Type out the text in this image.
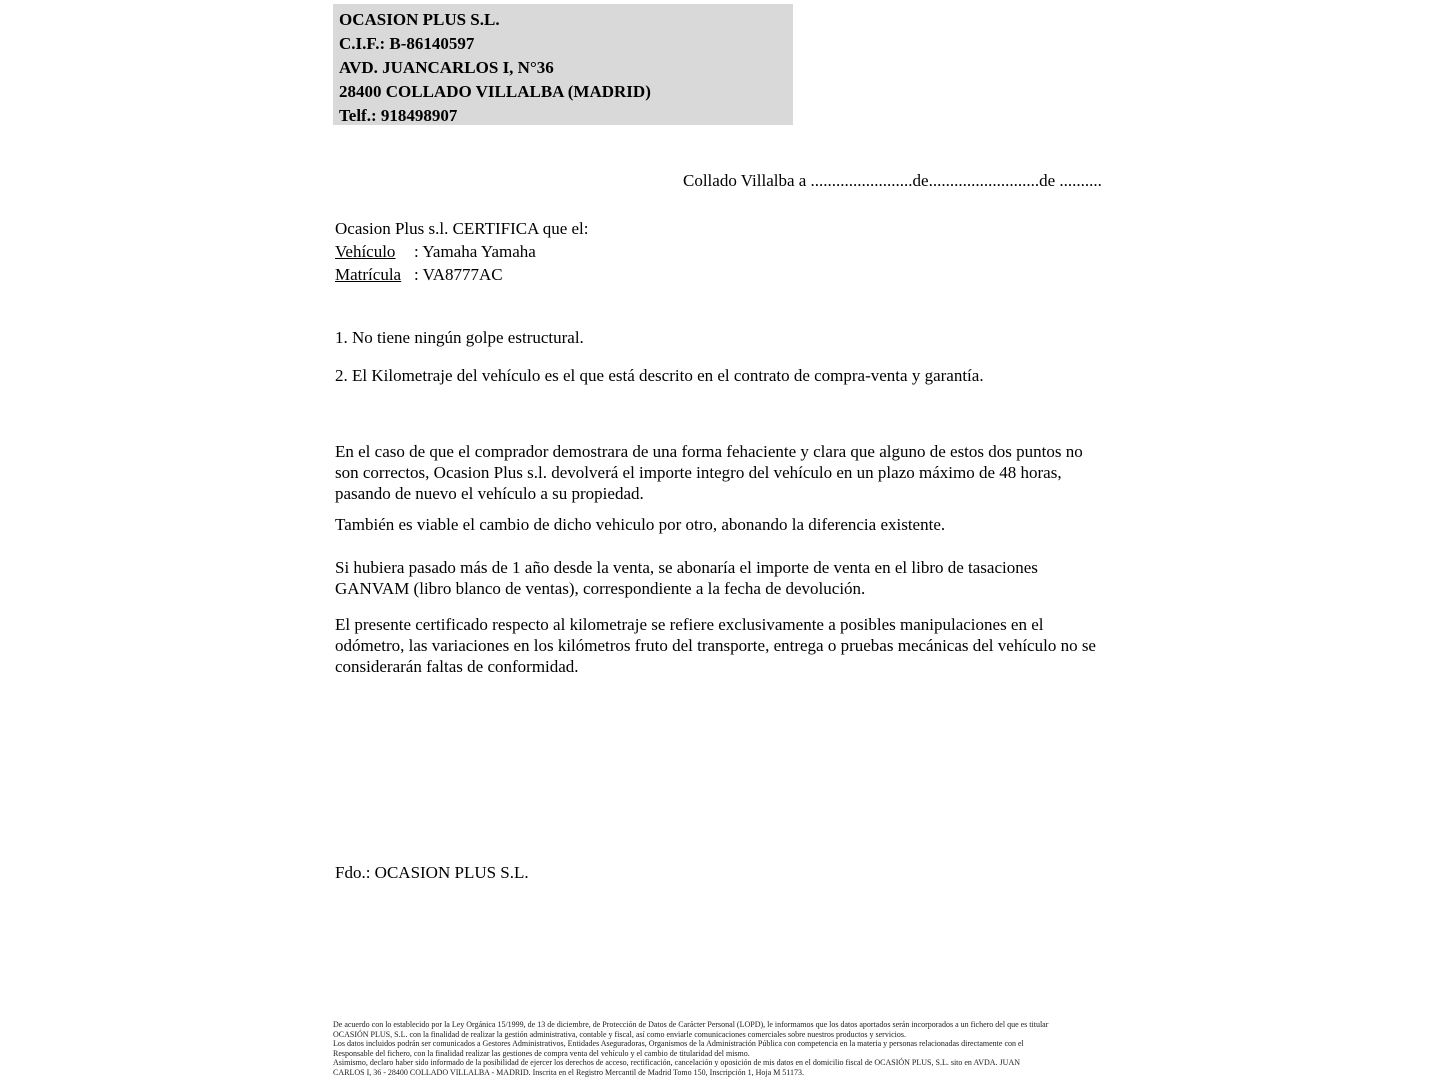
OCASION PLUS S.L.
C.I.F.: B-86140597
AVD. JUANCARLOS I, N°36
28400 COLLADO VILLALBA (MADRID)
Telf.: 918498907
Collado Villalba a ........................de..........................de ..........
Ocasion Plus s.l. CERTIFICA que el:
Vehículo : Yamaha Yamaha
Matrícula : VA8777AC
1. No tiene ningún golpe estructural.
2. El Kilometraje del vehículo es el que está descrito en el contrato de compra-venta y garantía.
En el caso de que el comprador demostrara de una forma fehaciente y clara que alguno de estos dos puntos no son correctos, Ocasion Plus s.l. devolverá el importe integro del vehículo en un plazo máximo de 48 horas, pasando de nuevo el vehículo a su propiedad.
También es viable el cambio de dicho vehiculo por otro, abonando la diferencia existente.
Si hubiera pasado más de 1 año desde la venta, se abonaría el importe de venta en el libro de tasaciones GANVAM (libro blanco de ventas), correspondiente a la fecha de devolución.
El presente certificado respecto al kilometraje se refiere exclusivamente a posibles manipulaciones en el odómetro, las variaciones en los kilómetros fruto del transporte, entrega o pruebas mecánicas del vehículo no se considerarán faltas de conformidad.
Fdo.: OCASION PLUS S.L.
De acuerdo con lo establecido por la Ley Orgánica 15/1999, de 13 de diciembre, de Protección de Datos de Carácter Personal (LOPD), le informamos que los datos aportados serán incorporados a un fichero del que es titular
OCASIÓN PLUS, S.L. con la finalidad de realizar la gestión administrativa, contable y fiscal, así como enviarle comunicaciones comerciales sobre nuestros productos y servicios.
Los datos incluidos podrán ser comunicados a Gestores Administrativos, Entidades Aseguradoras, Organismos de la Administración Pública con competencia en la materia y personas relacionadas directamente con el
Responsable del fichero, con la finalidad realizar las gestiones de compra venta del vehículo y el cambio de titularidad del mismo.
Asimismo, declaro haber sido informado de la posibilidad de ejercer los derechos de acceso, rectificación, cancelación y oposición de mis datos en el domicilio fiscal de OCASIÓN PLUS, S.L. sito en AVDA. JUAN
CARLOS I, 36 - 28400 COLLADO VILLALBA - MADRID. Inscrita en el Registro Mercantil de Madrid Tomo 150, Inscripción 1, Hoja M 51173.
